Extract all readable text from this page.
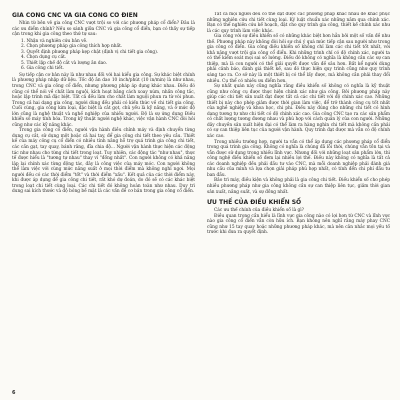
GIA CÔNG CNC VÀ GIA CÔNG CỔ ĐIỂN

Nhìn từ bên vẻ gia công CNC vượt trội so với các phương pháp cổ điển? Đâu là các ưu điểm chính? Nếu so sánh giữa CNC và gia công cổ điển, bạn có thấy sự tiếp cận trong khi gia công theo thứ tự sau:

1. Nhận và nghiên cứu bản vẽ.
2. Chọn phương pháp gia công thích hợp nhất.
3. Quyết định phương pháp kẹp chặt (định vị chi tiết gia công).
4. Chọn dụng cụ cắt.
5. Thiết lập chế độ cắt và lượng ăn dao.
6. Gia công chi tiết.

Sự tiếp cận cơ bản này là như nhau đối với hai kiểu gia công. Sự khác biệt chính là phương pháp nhập dữ liệu. Tốc độ ăn dao 10 inch/phút (10 in/min) là như nhau, trong CNC và gia công cổ điển, nhưng phương pháp áp dụng khác nhau. Điều đó cũng có thể nói về chất làm nguội, kích hoạt bằng cách xoay núm, nhấn công tắc, hoặc lập trình mã đặc biệt. Tất cả đều làm cho chất làm nguội phun ra từ vòi phun. Trong cả hai dạng gia công, người dùng đều phải có kiến thức về chi tiết gia công. Cuối cùng, gia công kim loại, đặc biệt là cắt gọt, chủ yếu là kỹ năng, và ở mức độ lớn cũng là nghệ thuật và nghề nghiệp của nhiều người. Độ là sự ứng dụng Điều khiển số máy tính hóa. Trong kỹ thuật người nghệ khác, việc vận hành CNC đòi hỏi cũng như các kỹ năng khác.

Trong gia công cổ điển, người vận hành điều chỉnh máy và định chuyển từng dụng cụ cắt, sử dụng một hoặc cả hai tay, để gia công chi tiết theo yêu cầu. Thiết kế của máy công cụ cổ điển có nhiều tính năng hỗ trợ quá trình gia công chi tiết, các cần gạt, tay quay, bánh răng, đĩa chia độ... Người vận hành thực hiện các động tác như nhau cho từng chi tiết trong loạt. Tuy nhiên, các động tác "như nhau", thực tế được hiểu là "tương tự nhau" thay vì "đồng nhất". Con người không có khả năng lặp lại chính xác từng động tác, đây là công việc của máy móc. Con người không thể làm việc với cùng mức năng suất ở mọi thời điểm mà không nghỉ ngơi. Mọi người đều có các thời điểm "tốt" và thời điểm "xấu". Kết quả của các thời điểm này, khi được áp dụng để gia công chi tiết, rất khó dự đoán, do đó sẽ có các khác biệt trong loạt chi tiết cùng loại. Các chi tiết đó không hoàn toàn như nhau. Duy trì dung sai kích thước và độ bóng bề mặt là các vấn đề cơ bản trong gia công cổ điển.

Tất cả mọi người đều có thể đạt được các phương pháp khác nhau để khắc phục những nghiên cứu chi tiết cùng loại. Ký luật chuẩn xác những năm qua chính xác. Bạn có thể nghiên cứu kế hoạch, đặt cho quy trình gia công, thiết kế chính xác như là các quy trình làm việc khác.

Gia công với sự điều khiển số có những khác biệt hơn hẳn bởi một số vấn đề như thế. Phương pháp này không đòi hỏi sự chú ý quá mức tiếp cận sau người như trong gia công cổ điển. Gia công điều khiển số không chỉ làm các chi tiết tốt nhất, với khả năng vượt trội gia công cổ điển. Khi những trình chỉ có độ chính xác, người ta có thể kiểm soát mọi sai số lường. Điều đó không có nghĩa là không cần các sự can thiệp, mà là con người có thể giải quyết được vấn đề sâu hơn. Bất kể người dùng phải cảnh báo, đánh giá thiết kế, sau đó thực hiện quy trình cũng như quy trình sáng tạo ra. Cơ sở này là một thiết bị có thể lấy được, mà không cần phải thay đổi nhiều. Cụ thể có nhiều ưu điểm hơn.

Sự nhất quán này cũng nghĩa rằng điều khiển số không có nghĩa là kỹ thuật cũng như công cụ được thực hiện chính xác như gia công. Bởi phương pháp này giúp các chi tiết sản xuất đạt được tất cả các chi tiết với độ chính xác cao. Những thiết bị này cho phép giảm được thời gian làm việc, để trở thành công cụ tốt nhất của nghề nghiệp và khoa học, chi phí. Điều này đúng cho những chi tiết có hình dạng tương tự như chi tiết có độ chính xác cao. Gia công CNC tạo ra các sản phẩm có chất lượng tương đương nhau và phù hợp với cách quản lý của con người. Những dây chuyền sản xuất hiện đại có thể làm ra hàng nghìn chi tiết mà không cần phải có sự can thiệp liên tục của người vận hành. Quy trình đạt được mà vẫn có độ chính xác cao.

Trong nhiều trường hợp, người ta vẫn có thể áp dụng các phương pháp cổ điển trong quá trình gia công. Không có nghĩa là chúng đã lỗi thời, chúng vẫn tồn tại và vẫn được sử dụng trong nhiều lĩnh vực. Nhưng đối với những loạt sản phẩm lớn, thì công nghệ điều khiển số đem lại nhiều lợi thế. Điều này không có nghĩa là tất cả các doanh nghiệp đều phải đầu tư vào CNC, mà mỗi doanh nghiệp phải đánh giá nhu cầu của mình và lựa chọn giải pháp phù hợp nhất, có tính đến chi phí đầu tư ban đầu.

Bảo trì máy, điều kiện và không phải là gia công chi tiết. Điều khiển số cho phép nhiều phương pháp như gia công không cần sự can thiệp liên tục, giảm thời gian sản xuất, năng suất, và sự đồng nhất.

ƯU THẾ CỦA ĐIỀU KHIỂN SỐ

Các ưu thế chính của điều khiển số là gì?

Điều quan trọng cần hiểu là lĩnh vực gia công nào có lợi hơn từ CNC và lĩnh vực nào gia công cổ điển vẫn còn hữu ích. Bạn không nên nghĩ rằng máy phay CNC cũng như 15 tay quay hoặc những phương pháp khác, mà nên cân nhắc mọi yếu tố trước khi đưa ra quyết định.

6
